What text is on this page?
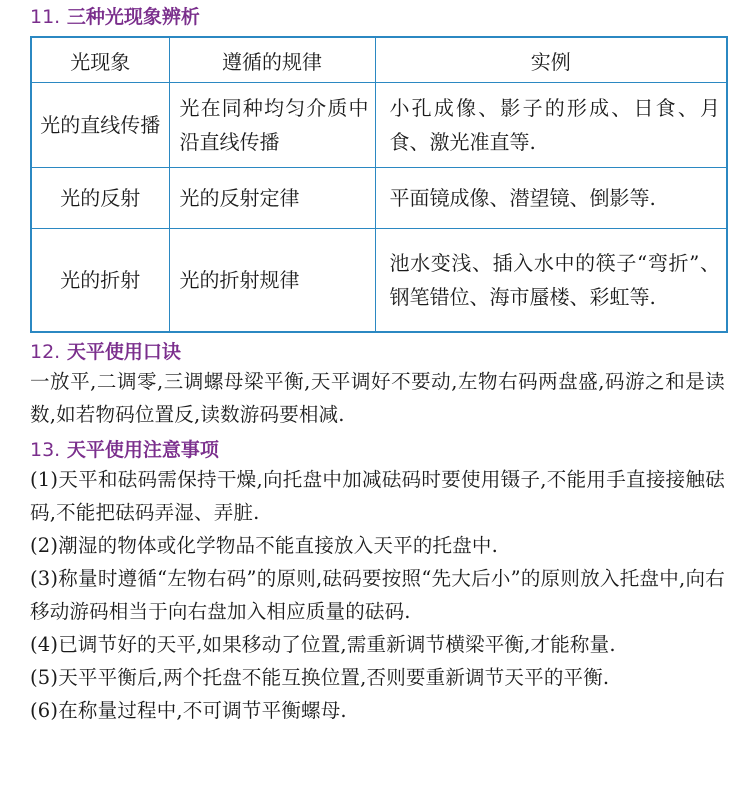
11. 三种光现象辨析
光现象	遵循的规律	实例
光的直线传播	光在同种均匀介质中沿直线传播	小孔成像、影子的形成、日食、月食、激光准直等.
光的反射	光的反射定律	平面镜成像、潜望镜、倒影等.
光的折射	光的折射规律	池水变浅、插入水中的筷子“弯折”、钢笔错位、海市蜃楼、彩虹等.
12. 天平使用口诀

一放平,二调零,三调螺母梁平衡,天平调好不要动,左物右码两盘盛,码游之和是读数,如若物码位置反,读数游码要相减.

13. 天平使用注意事项

(1)天平和砝码需保持干燥,向托盘中加减砝码时要使用镊子,不能用手直接接触砝码,不能把砝码弄湿、弄脏.

(2)潮湿的物体或化学物品不能直接放入天平的托盘中.

(3)称量时遵循“左物右码”的原则,砝码要按照“先大后小”的原则放入托盘中,向右移动游码相当于向右盘加入相应质量的砝码.

(4)已调节好的天平,如果移动了位置,需重新调节横梁平衡,才能称量.

(5)天平平衡后,两个托盘不能互换位置,否则要重新调节天平的平衡.

(6)在称量过程中,不可调节平衡螺母.
